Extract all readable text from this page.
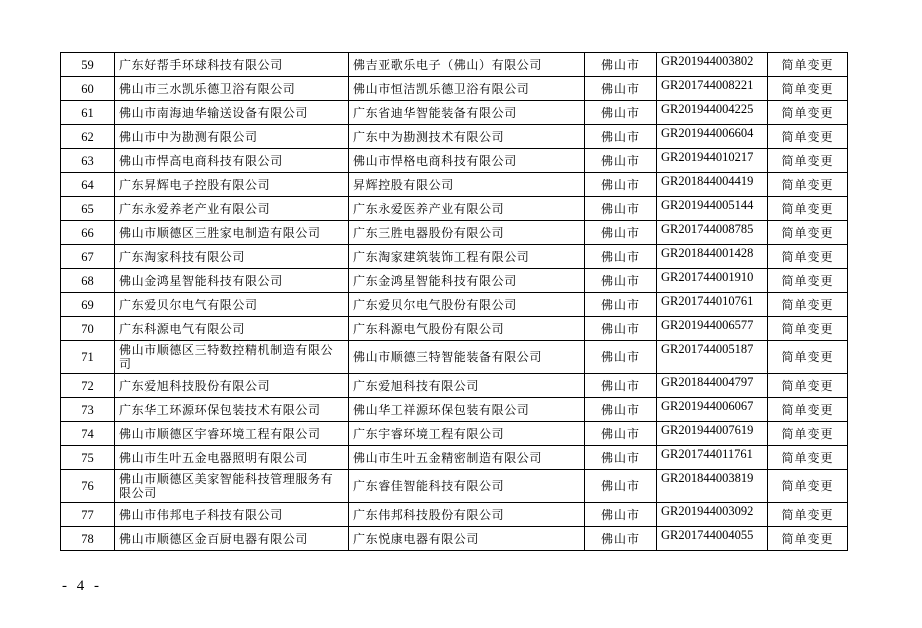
59	广东好帮手环球科技有限公司	佛吉亚歌乐电子（佛山）有限公司	佛山市	GR201944003802	简单变更
60	佛山市三水凯乐德卫浴有限公司	佛山市恒洁凯乐德卫浴有限公司	佛山市	GR201744008221	简单变更
61	佛山市南海迪华输送设备有限公司	广东省迪华智能装备有限公司	佛山市	GR201944004225	简单变更
62	佛山市中为勘测有限公司	广东中为勘测技术有限公司	佛山市	GR201944006604	简单变更
63	佛山市悍高电商科技有限公司	佛山市悍格电商科技有限公司	佛山市	GR201944010217	简单变更
64	广东昇辉电子控股有限公司	昇辉控股有限公司	佛山市	GR201844004419	简单变更
65	广东永爱养老产业有限公司	广东永爱医养产业有限公司	佛山市	GR201944005144	简单变更
66	佛山市顺德区三胜家电制造有限公司	广东三胜电器股份有限公司	佛山市	GR201744008785	简单变更
67	广东淘家科技有限公司	广东淘家建筑装饰工程有限公司	佛山市	GR201844001428	简单变更
68	佛山金鸿星智能科技有限公司	广东金鸿星智能科技有限公司	佛山市	GR201744001910	简单变更
69	广东爱贝尔电气有限公司	广东爱贝尔电气股份有限公司	佛山市	GR201744010761	简单变更
70	广东科源电气有限公司	广东科源电气股份有限公司	佛山市	GR201944006577	简单变更
71	佛山市顺德区三特数控精机制造有限公司	佛山市顺德三特智能装备有限公司	佛山市	GR201744005187	简单变更
72	广东爱旭科技股份有限公司	广东爱旭科技有限公司	佛山市	GR201844004797	简单变更
73	广东华工环源环保包装技术有限公司	佛山华工祥源环保包装有限公司	佛山市	GR201944006067	简单变更
74	佛山市顺德区宇睿环境工程有限公司	广东宇睿环境工程有限公司	佛山市	GR201944007619	简单变更
75	佛山市生叶五金电器照明有限公司	佛山市生叶五金精密制造有限公司	佛山市	GR201744011761	简单变更
76	佛山市顺德区美家智能科技管理服务有限公司	广东睿佳智能科技有限公司	佛山市	GR201844003819	简单变更
77	佛山市伟邦电子科技有限公司	广东伟邦科技股份有限公司	佛山市	GR201944003092	简单变更
78	佛山市顺德区金百厨电器有限公司	广东悦康电器有限公司	佛山市	GR201744004055	简单变更
- 4 -
